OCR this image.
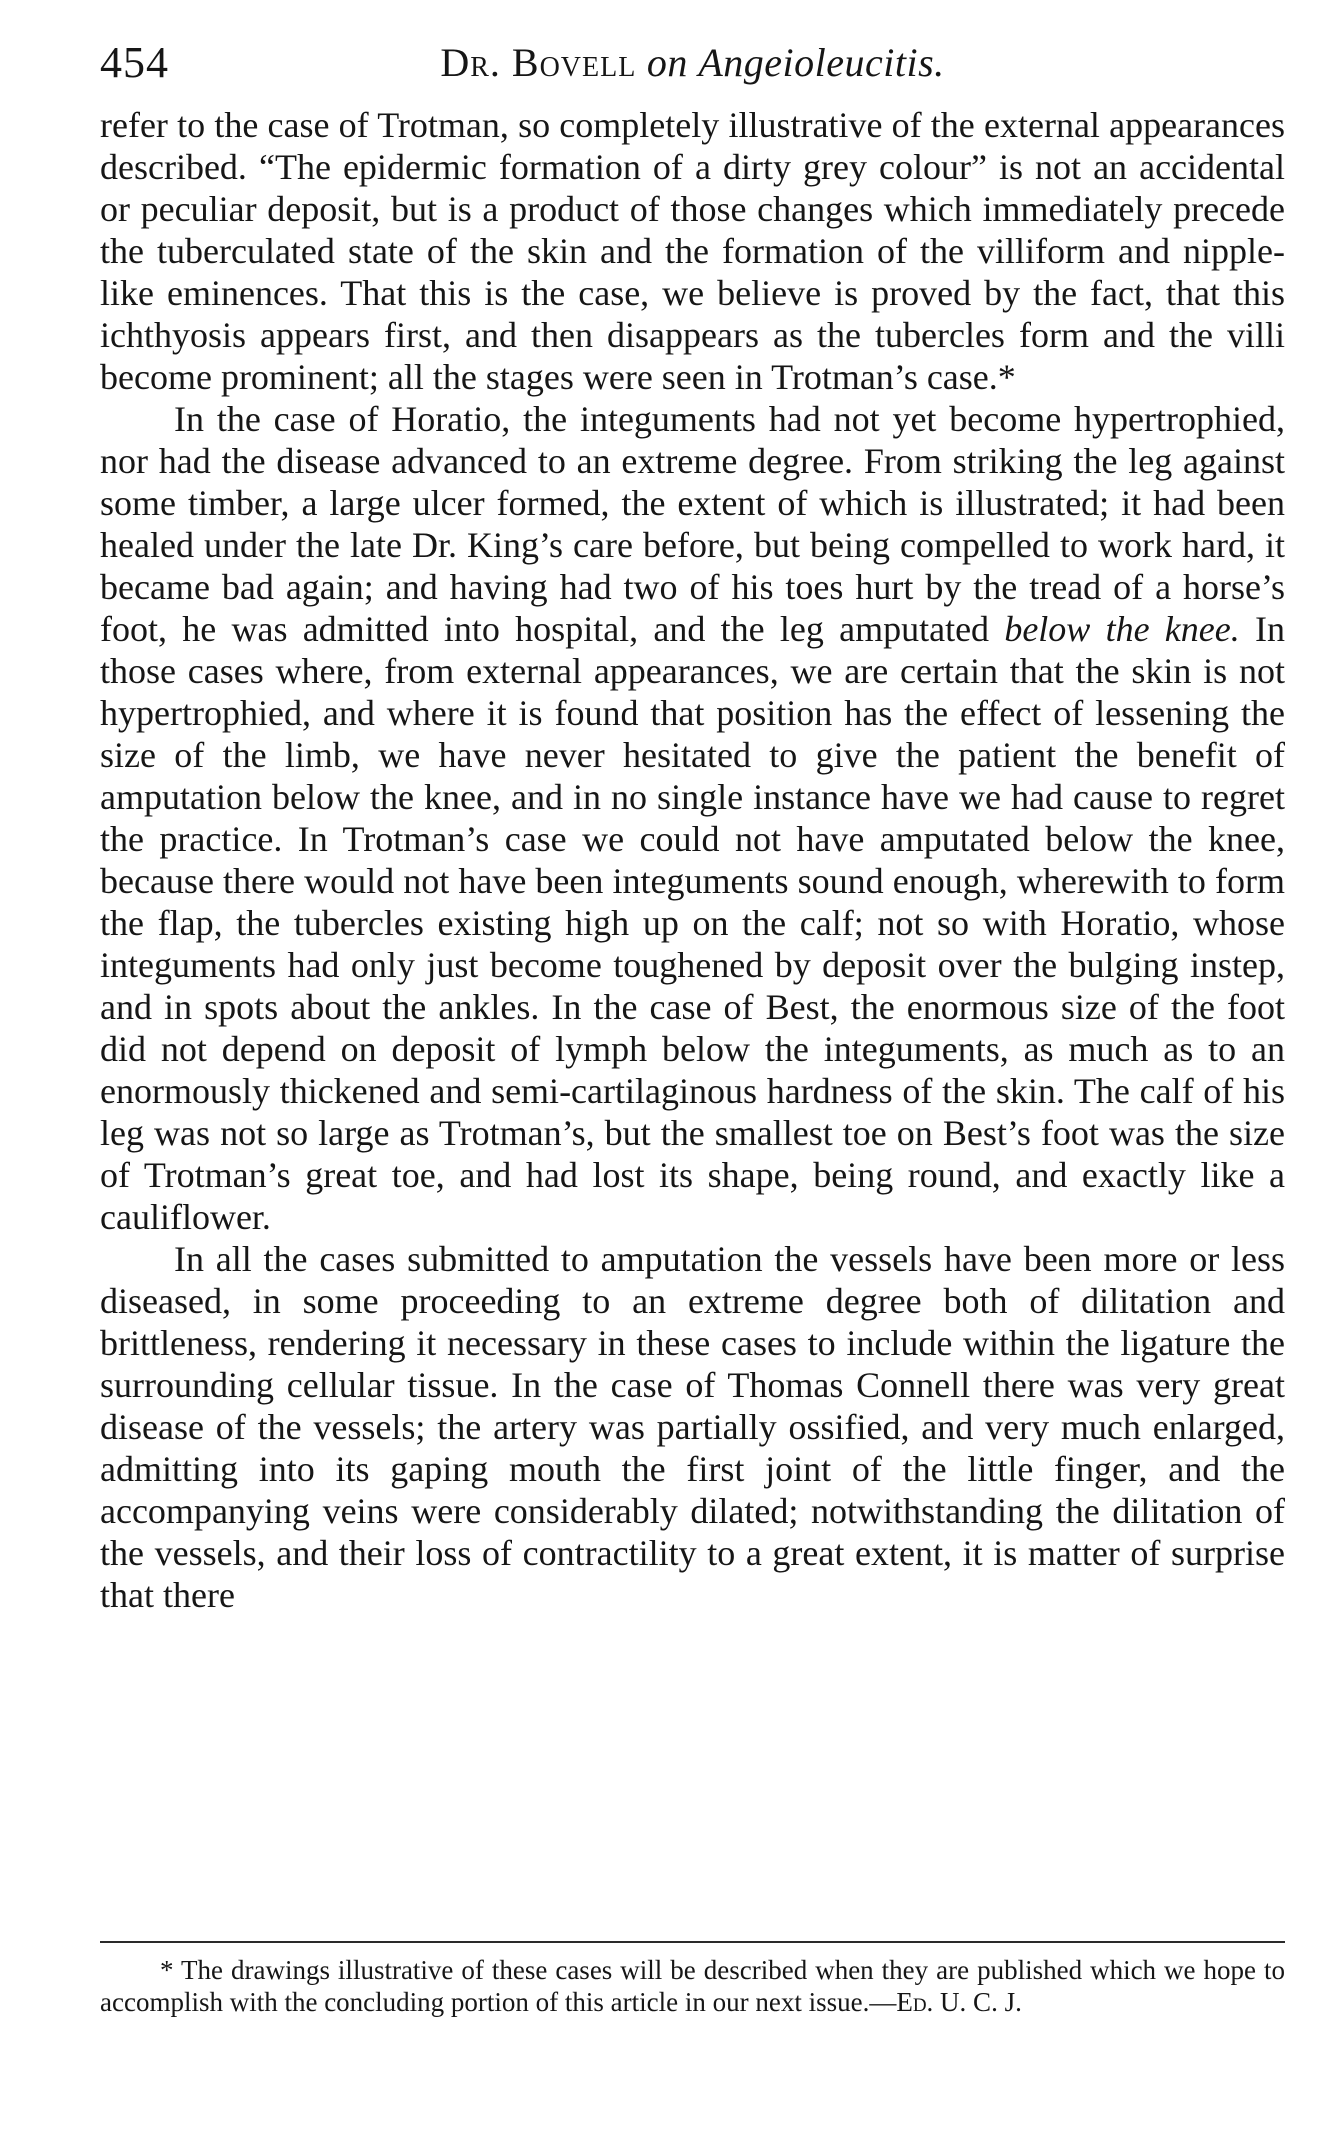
454	Dr. Bovell on Angeioleucitis.

refer to the case of Trotman, so completely illustrative of the external appearances described. “The epidermic formation of a dirty grey colour” is not an accidental or peculiar deposit, but is a product of those changes which immediately precede the tuberculated state of the skin and the formation of the villiform and nipple-like eminences. That this is the case, we believe is proved by the fact, that this ichthyosis appears first, and then disappears as the tubercles form and the villi become prominent; all the stages were seen in Trotman’s case.*

In the case of Horatio, the integuments had not yet become hypertrophied, nor had the disease advanced to an extreme degree. From striking the leg against some timber, a large ulcer formed, the extent of which is illustrated; it had been healed under the late Dr. King’s care before, but being compelled to work hard, it became bad again; and having had two of his toes hurt by the tread of a horse’s foot, he was admitted into hospital, and the leg amputated below the knee. In those cases where, from external appearances, we are certain that the skin is not hypertrophied, and where it is found that position has the effect of lessening the size of the limb, we have never hesitated to give the patient the benefit of amputation below the knee, and in no single instance have we had cause to regret the practice. In Trotman’s case we could not have amputated below the knee, because there would not have been integuments sound enough, wherewith to form the flap, the tubercles existing high up on the calf; not so with Horatio, whose integuments had only just become toughened by deposit over the bulging instep, and in spots about the ankles. In the case of Best, the enormous size of the foot did not depend on deposit of lymph below the integuments, as much as to an enormously thickened and semi-cartilaginous hardness of the skin. The calf of his leg was not so large as Trotman’s, but the smallest toe on Best’s foot was the size of Trotman’s great toe, and had lost its shape, being round, and exactly like a cauliflower.

In all the cases submitted to amputation the vessels have been more or less diseased, in some proceeding to an extreme degree both of dilitation and brittleness, rendering it necessary in these cases to include within the ligature the surrounding cellular tissue. In the case of Thomas Connell there was very great disease of the vessels; the artery was partially ossified, and very much enlarged, admitting into its gaping mouth the first joint of the little finger, and the accompanying veins were considerably dilated; notwithstanding the dilitation of the vessels, and their loss of contractility to a great extent, it is matter of surprise that there

* The drawings illustrative of these cases will be described when they are published which we hope to accomplish with the concluding portion of this article in our next issue.—Ed. U. C. J.
